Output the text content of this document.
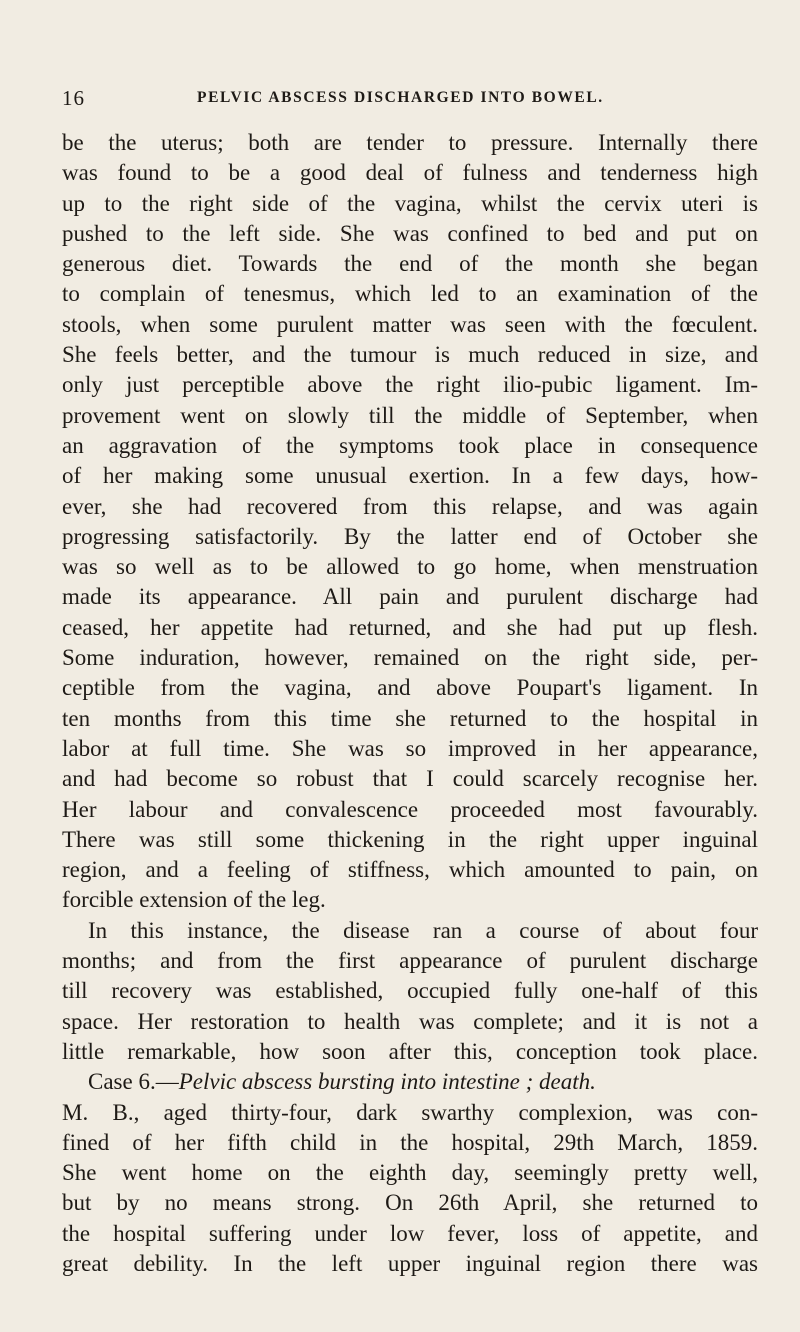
16	PELVIC ABSCESS DISCHARGED INTO BOWEL.
be the uterus; both are tender to pressure. Internally there
was found to be a good deal of fulness and tenderness high
up to the right side of the vagina, whilst the cervix uteri is
pushed to the left side. She was confined to bed and put on
generous diet. Towards the end of the month she began
to complain of tenesmus, which led to an examination of the
stools, when some purulent matter was seen with the fœculent.
She feels better, and the tumour is much reduced in size, and
only just perceptible above the right ilio-pubic ligament. Im-
provement went on slowly till the middle of September, when
an aggravation of the symptoms took place in consequence
of her making some unusual exertion. In a few days, how-
ever, she had recovered from this relapse, and was again
progressing satisfactorily. By the latter end of October she
was so well as to be allowed to go home, when menstruation
made its appearance. All pain and purulent discharge had
ceased, her appetite had returned, and she had put up flesh.
Some induration, however, remained on the right side, per-
ceptible from the vagina, and above Poupart's ligament. In
ten months from this time she returned to the hospital in
labor at full time. She was so improved in her appearance,
and had become so robust that I could scarcely recognise her.
Her labour and convalescence proceeded most favourably.
There was still some thickening in the right upper inguinal
region, and a feeling of stiffness, which amounted to pain, on
forcible extension of the leg.
In this instance, the disease ran a course of about four
months; and from the first appearance of purulent discharge
till recovery was established, occupied fully one-half of this
space. Her restoration to health was complete; and it is not a
little remarkable, how soon after this, conception took place.
Case 6.—Pelvic abscess bursting into intestine ; death.
M. B., aged thirty-four, dark swarthy complexion, was con-
fined of her fifth child in the hospital, 29th March, 1859.
She went home on the eighth day, seemingly pretty well,
but by no means strong. On 26th April, she returned to
the hospital suffering under low fever, loss of appetite, and
great debility. In the left upper inguinal region there was
